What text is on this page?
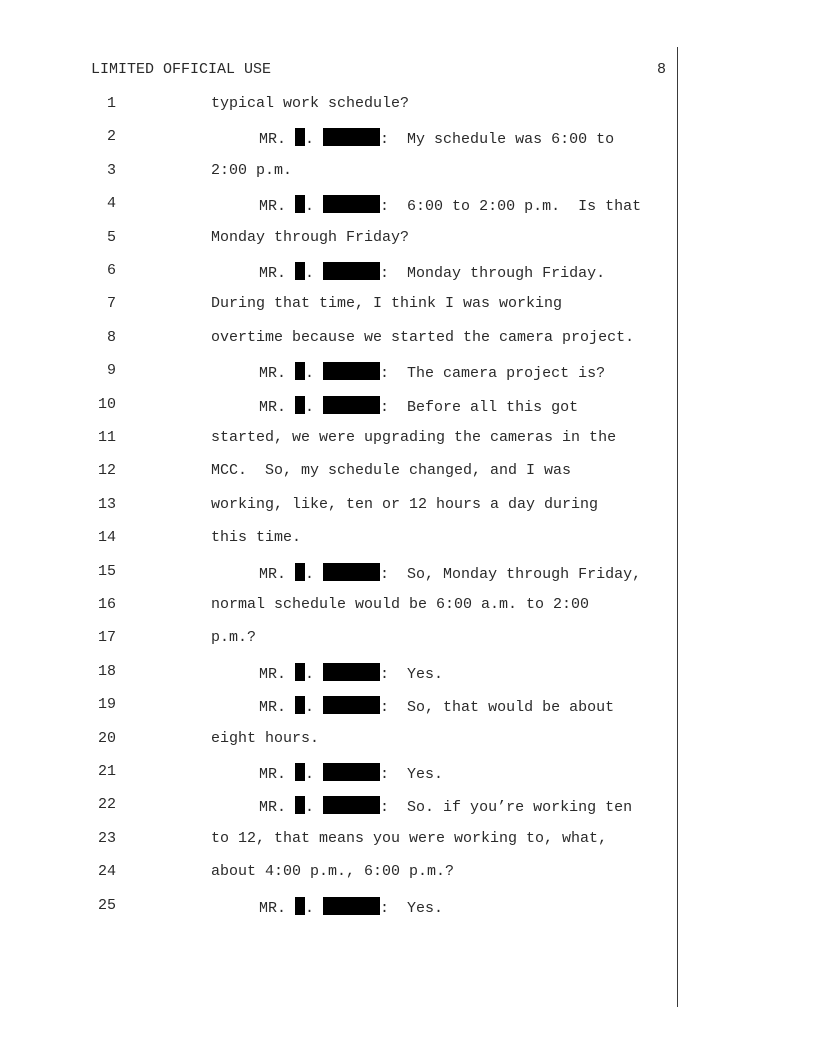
LIMITED OFFICIAL USE	8
1	typical work schedule?
2	MR. .	:  My schedule was 6:00 to
3	2:00 p.m.
4	MR. .	:  6:00 to 2:00 p.m.  Is that
5	Monday through Friday?
6	MR. .	:  Monday through Friday.
7	During that time, I think I was working
8	overtime because we started the camera project.
9	MR. .	:  The camera project is?
10	MR. .	:  Before all this got
11	started, we were upgrading the cameras in the
12	MCC.  So, my schedule changed, and I was
13	working, like, ten or 12 hours a day during
14	this time.
15	MR. .	:  So, Monday through Friday,
16	normal schedule would be 6:00 a.m. to 2:00
17	p.m.?
18	MR. .	:  Yes.
19	MR. .	:  So, that would be about
20	eight hours.
21	MR. .	:  Yes.
22	MR. .	:  So. if you’re working ten
23	to 12, that means you were working to, what,
24	about 4:00 p.m., 6:00 p.m.?
25	MR. .	:  Yes.
